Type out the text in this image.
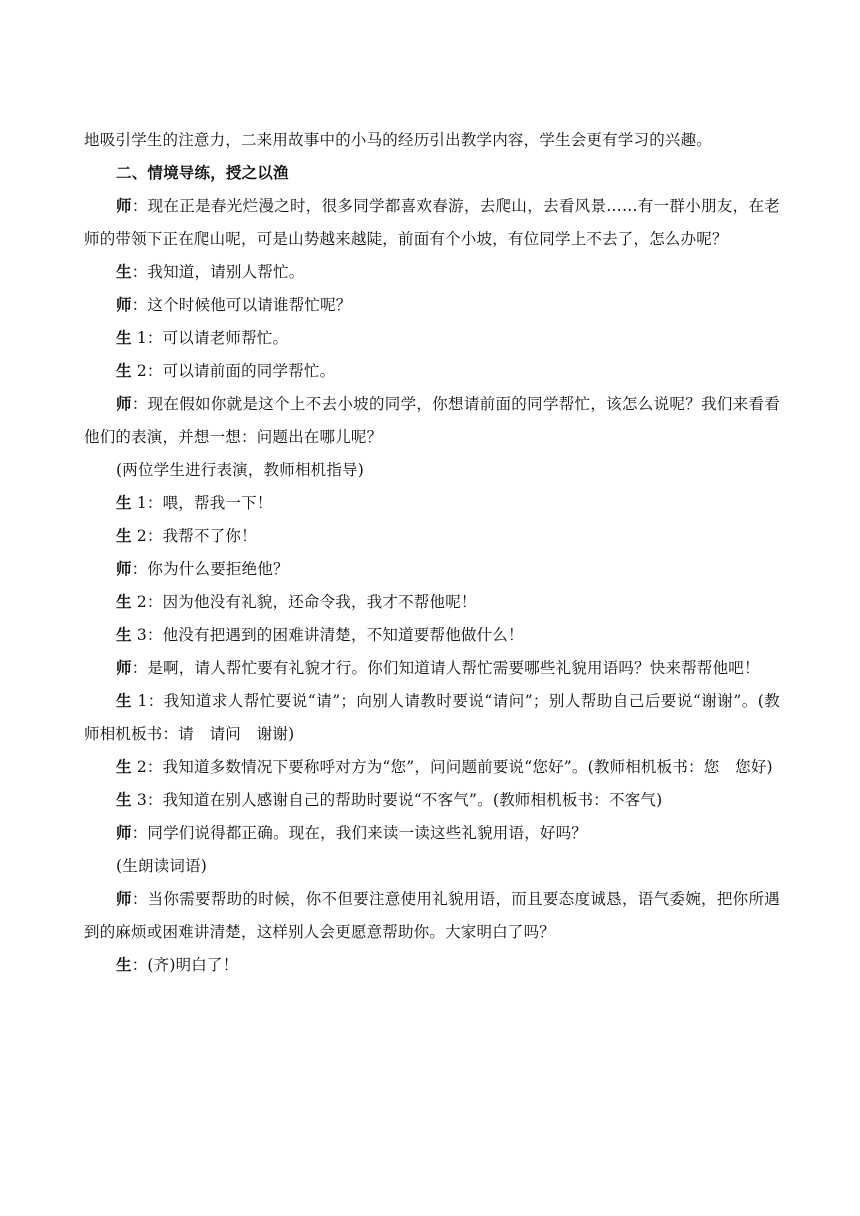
地吸引学生的注意力，二来用故事中的小马的经历引出教学内容，学生会更有学习的兴趣。

二、情境导练，授之以渔

师：现在正是春光烂漫之时，很多同学都喜欢春游，去爬山，去看风景……有一群小朋友，在老师的带领下正在爬山呢，可是山势越来越陡，前面有个小坡，有位同学上不去了，怎么办呢？

生：我知道，请别人帮忙。

师：这个时候他可以请谁帮忙呢？

生 1：可以请老师帮忙。

生 2：可以请前面的同学帮忙。

师：现在假如你就是这个上不去小坡的同学，你想请前面的同学帮忙，该怎么说呢？我们来看看他们的表演，并想一想：问题出在哪儿呢？

(两位学生进行表演，教师相机指导)

生 1：喂，帮我一下！

生 2：我帮不了你！

师：你为什么要拒绝他？

生 2：因为他没有礼貌，还命令我，我才不帮他呢！

生 3：他没有把遇到的困难讲清楚，不知道要帮他做什么！

师：是啊，请人帮忙要有礼貌才行。你们知道请人帮忙需要哪些礼貌用语吗？快来帮帮他吧！

生 1：我知道求人帮忙要说“请”；向别人请教时要说“请问”；别人帮助自己后要说“谢谢”。(教师相机板书：请　请问　谢谢)

生 2：我知道多数情况下要称呼对方为“您”，问问题前要说“您好”。(教师相机板书：您　您好)

生 3：我知道在别人感谢自己的帮助时要说“不客气”。(教师相机板书：不客气)

师：同学们说得都正确。现在，我们来读一读这些礼貌用语，好吗？

(生朗读词语)

师：当你需要帮助的时候，你不但要注意使用礼貌用语，而且要态度诚恳，语气委婉，把你所遇到的麻烦或困难讲清楚，这样别人会更愿意帮助你。大家明白了吗？

生：(齐)明白了！
